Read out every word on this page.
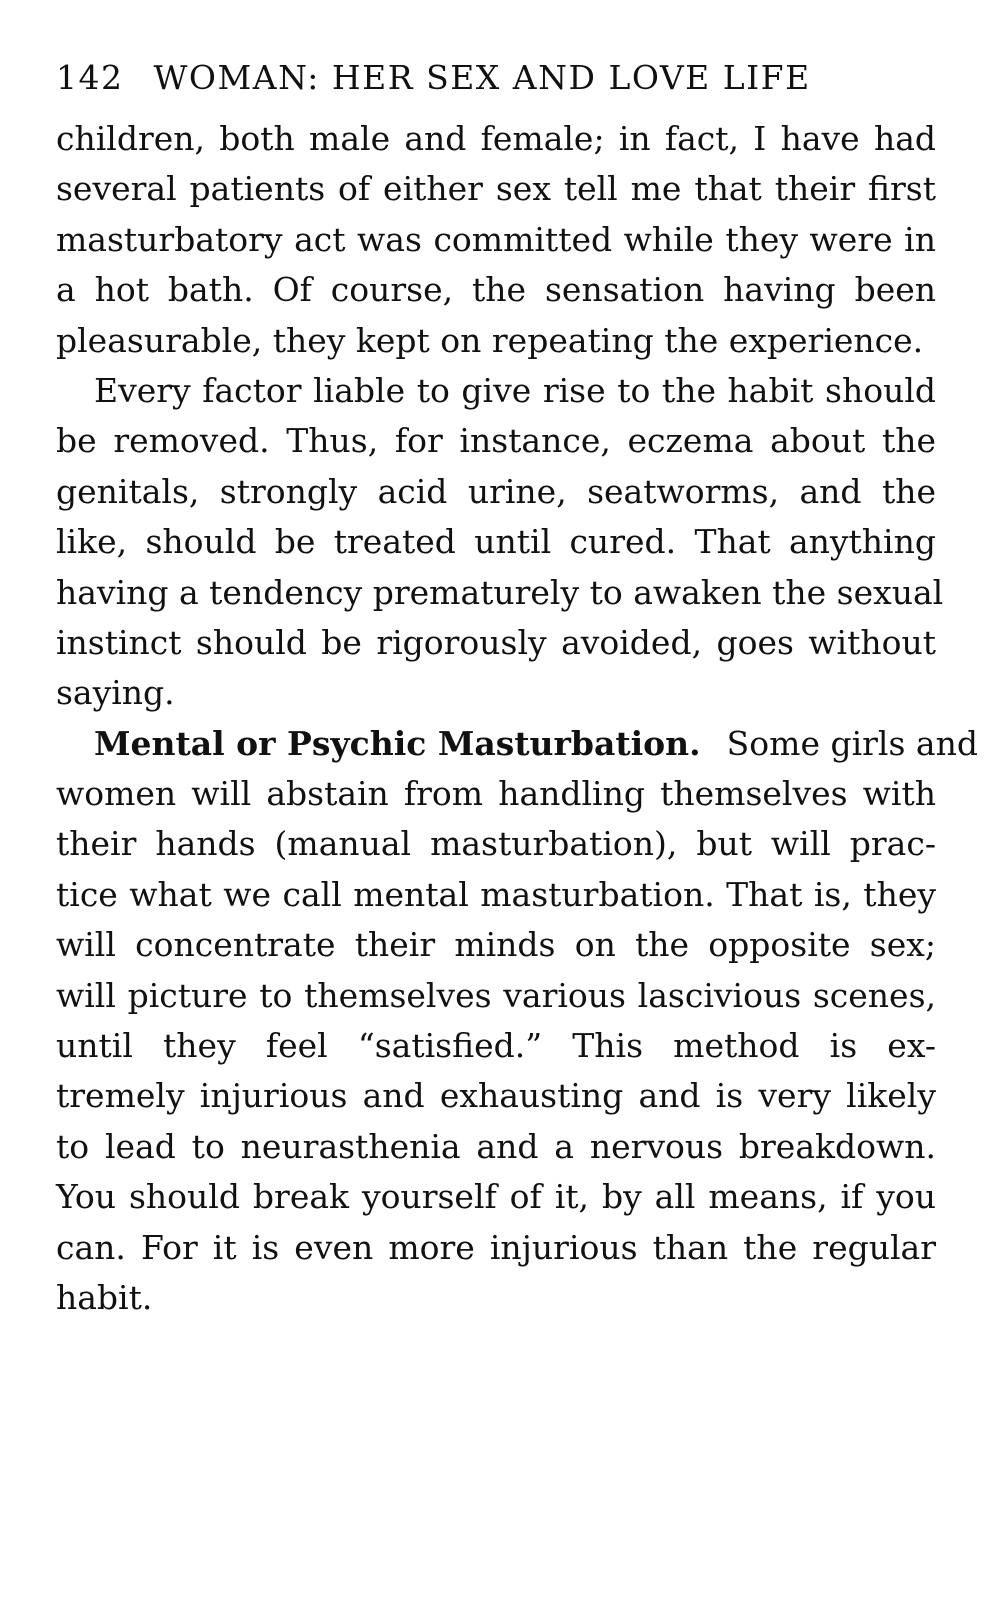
142 WOMAN: HER SEX AND LOVE LIFE
children, both male and female; in fact, I have had
several patients of either sex tell me that their first
masturbatory act was committed while they were in
a hot bath. Of course, the sensation having been
pleasurable, they kept on repeating the experience.
Every factor liable to give rise to the habit should
be removed. Thus, for instance, eczema about the
genitals, strongly acid urine, seatworms, and the
like, should be treated until cured. That anything
having a tendency prematurely to awaken the sexual
instinct should be rigorously avoided, goes without
saying.
Mental or Psychic Masturbation. Some girls and
women will abstain from handling themselves with
their hands (manual masturbation), but will prac-
tice what we call mental masturbation. That is, they
will concentrate their minds on the opposite sex;
will picture to themselves various lascivious scenes,
until they feel “satisfied.” This method is ex-
tremely injurious and exhausting and is very likely
to lead to neurasthenia and a nervous breakdown.
You should break yourself of it, by all means, if you
can. For it is even more injurious than the regular
habit.
